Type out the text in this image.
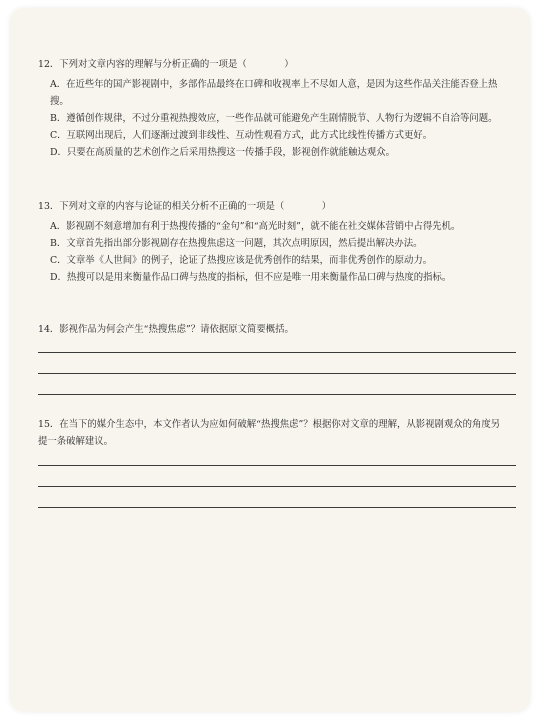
12．下列对文章内容的理解与分析正确的一项是（　　　　）

A．在近些年的国产影视剧中，多部作品最终在口碑和收视率上不尽如人意，是因为这些作品关注能否登上热搜。

B．遵循创作规律，不过分重视热搜效应，一些作品就可能避免产生剧情脱节、人物行为逻辑不自洽等问题。

C．互联网出现后，人们逐渐过渡到非线性、互动性观看方式，此方式比线性传播方式更好。

D．只要在高质量的艺术创作之后采用热搜这一传播手段，影视创作就能触达观众。

13．下列对文章的内容与论证的相关分析不正确的一项是（　　　　）

A．影视剧不刻意增加有利于热搜传播的“金句”和“高光时刻”，就不能在社交媒体营销中占得先机。

B．文章首先指出部分影视剧存在热搜焦虑这一问题，其次点明原因，然后提出解决办法。

C．文章举《人世间》的例子，论证了热搜应该是优秀创作的结果，而非优秀创作的原动力。

D．热搜可以是用来衡量作品口碑与热度的指标，但不应是唯一用来衡量作品口碑与热度的指标。

14．影视作品为何会产生“热搜焦虑”？请依据原文简要概括。

15．在当下的媒介生态中，本文作者认为应如何破解“热搜焦虑”？根据你对文章的理解，从影视剧观众的角度另提一条破解建议。
